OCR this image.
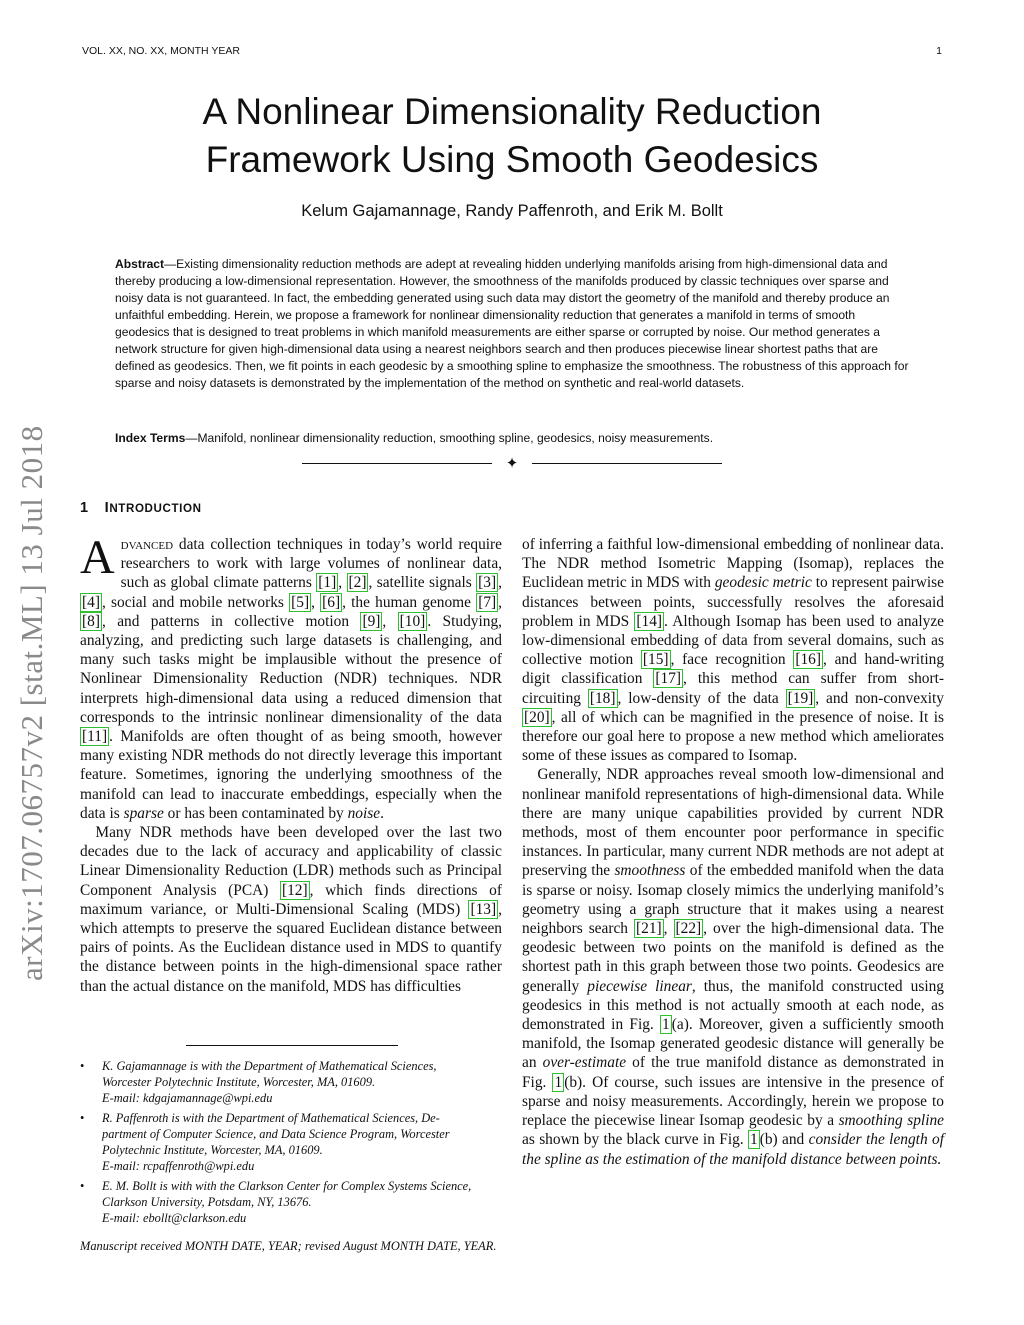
VOL. XX, NO. XX, MONTH YEAR	1
A Nonlinear Dimensionality Reduction
Framework Using Smooth Geodesics
Kelum Gajamannage, Randy Paffenroth, and Erik M. Bollt

Abstract—Existing dimensionality reduction methods are adept at revealing hidden underlying manifolds arising from high-dimensional data and thereby producing a low-dimensional representation. However, the smoothness of the manifolds produced by classic techniques over sparse and noisy data is not guaranteed. In fact, the embedding generated using such data may distort the geometry of the manifold and thereby produce an unfaithful embedding. Herein, we propose a framework for nonlinear dimensionality reduction that generates a manifold in terms of smooth geodesics that is designed to treat problems in which manifold measurements are either sparse or corrupted by noise. Our method generates a network structure for given high-dimensional data using a nearest neighbors search and then produces piecewise linear shortest paths that are defined as geodesics. Then, we fit points in each geodesic by a smoothing spline to emphasize the smoothness. The robustness of this approach for sparse and noisy datasets is demonstrated by the implementation of the method on synthetic and real-world datasets.

Index Terms—Manifold, nonlinear dimensionality reduction, smoothing spline, geodesics, noisy measurements.

✦
arXiv:1707.06757v2 [stat.ML] 13 Jul 2018 1 INTRODUCTION

Advanced data collection techniques in today’s world require researchers to work with large volumes of nonlinear data, such as global climate patterns [1] , [2] , satellite signals [3] , [4] , social and mobile networks [5] , [6] , the human genome [7] , [8] , and patterns in collective motion [9] , [10] . Studying, analyzing, and predicting such large datasets is challenging, and many such tasks might be implausible without the presence of Nonlinear Dimensionality Reduction (NDR) techniques. NDR interprets high-dimensional data using a reduced dimension that corresponds to the intrinsic nonlinear dimensionality of the data [11] . Manifolds are often thought of as being smooth, however many existing NDR methods do not directly leverage this important feature. Sometimes, ignoring the underlying smoothness of the manifold can lead to inaccurate embeddings, especially when the data is sparse or has been contaminated by noise.

Many NDR methods have been developed over the last two decades due to the lack of accuracy and applicability of classic Linear Dimensionality Reduction (LDR) methods such as Principal Component Analysis (PCA) [12] , which finds directions of maximum variance, or Multi-Dimensional Scaling (MDS) [13] , which attempts to preserve the squared Euclidean distance between pairs of points. As the Euclidean distance used in MDS to quantify the distance between points in the high-dimensional space rather than the actual distance on the manifold, MDS has difficulties

• K. Gajamannage is with the Department of Mathematical Sciences,
Worcester Polytechnic Institute, Worcester, MA, 01609.
E-mail: kdgajamannage@wpi.edu
• R. Paffenroth is with the Department of Mathematical Sciences, De-
partment of Computer Science, and Data Science Program, Worcester
Polytechnic Institute, Worcester, MA, 01609.
E-mail: rcpaffenroth@wpi.edu
• E. M. Bollt is with with the Clarkson Center for Complex Systems Science,
Clarkson University, Potsdam, NY, 13676.
E-mail: ebollt@clarkson.edu
Manuscript received MONTH DATE, YEAR; revised August MONTH DATE, YEAR.

of inferring a faithful low-dimensional embedding of nonlinear data. The NDR method Isometric Mapping (Isomap), replaces the Euclidean metric in MDS with geodesic metric to represent pairwise distances between points, successfully resolves the aforesaid problem in MDS [14] . Although Isomap has been used to analyze low-dimensional embedding of data from several domains, such as collective motion [15] , face recognition [16] , and hand-writing digit classification [17] , this method can suffer from short-circuiting [18] , low-density of the data [19] , and non-convexity [20] , all of which can be magnified in the presence of noise. It is therefore our goal here to propose a new method which ameliorates some of these issues as compared to Isomap.

Generally, NDR approaches reveal smooth low-dimensional and nonlinear manifold representations of high-dimensional data. While there are many unique capabilities provided by current NDR methods, most of them encounter poor performance in specific instances. In particular, many current NDR methods are not adept at preserving the smoothness of the embedded manifold when the data is sparse or noisy. Isomap closely mimics the underlying manifold’s geometry using a graph structure that it makes using a nearest neighbors search [21] , [22] , over the high-dimensional data. The geodesic between two points on the manifold is defined as the shortest path in this graph between those two points. Geodesics are generally piecewise linear, thus, the manifold constructed using geodesics in this method is not actually smooth at each node, as demonstrated in Fig. 1 (a). Moreover, given a sufficiently smooth manifold, the Isomap generated geodesic distance will generally be an over-estimate of the true manifold distance as demonstrated in Fig. 1 (b). Of course, such issues are intensive in the presence of sparse and noisy measurements. Accordingly, herein we propose to replace the piecewise linear Isomap geodesic by a smoothing spline as shown by the black curve in Fig. 1 (b) and consider the length of the spline as the estimation of the manifold distance between points.
